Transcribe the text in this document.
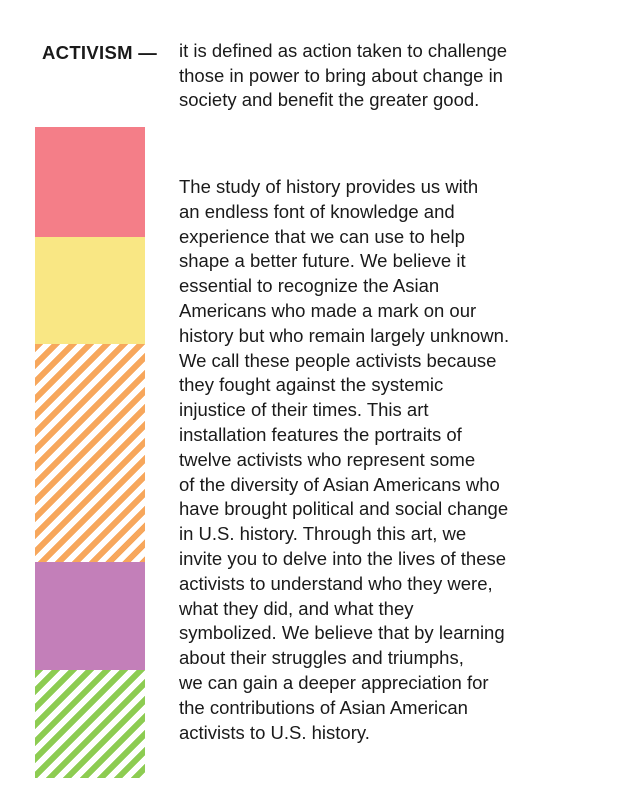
ACTIVISM — it is defined as action taken to challenge
those in power to bring about change in
society and benefit the greater good.
The study of history provides us with
an endless font of knowledge and
experience that we can use to help
shape a better future. We believe it
essential to recognize the Asian
Americans who made a mark on our
history but who remain largely unknown.
We call these people activists because
they fought against the systemic
injustice of their times. This art
installation features the portraits of
twelve activists who represent some
of the diversity of Asian Americans who
have brought political and social change
in U.S. history. Through this art, we
invite you to delve into the lives of these
activists to understand who they were,
what they did, and what they
symbolized. We believe that by learning
about their struggles and triumphs,
we can gain a deeper appreciation for
the contributions of Asian American
activists to U.S. history.
